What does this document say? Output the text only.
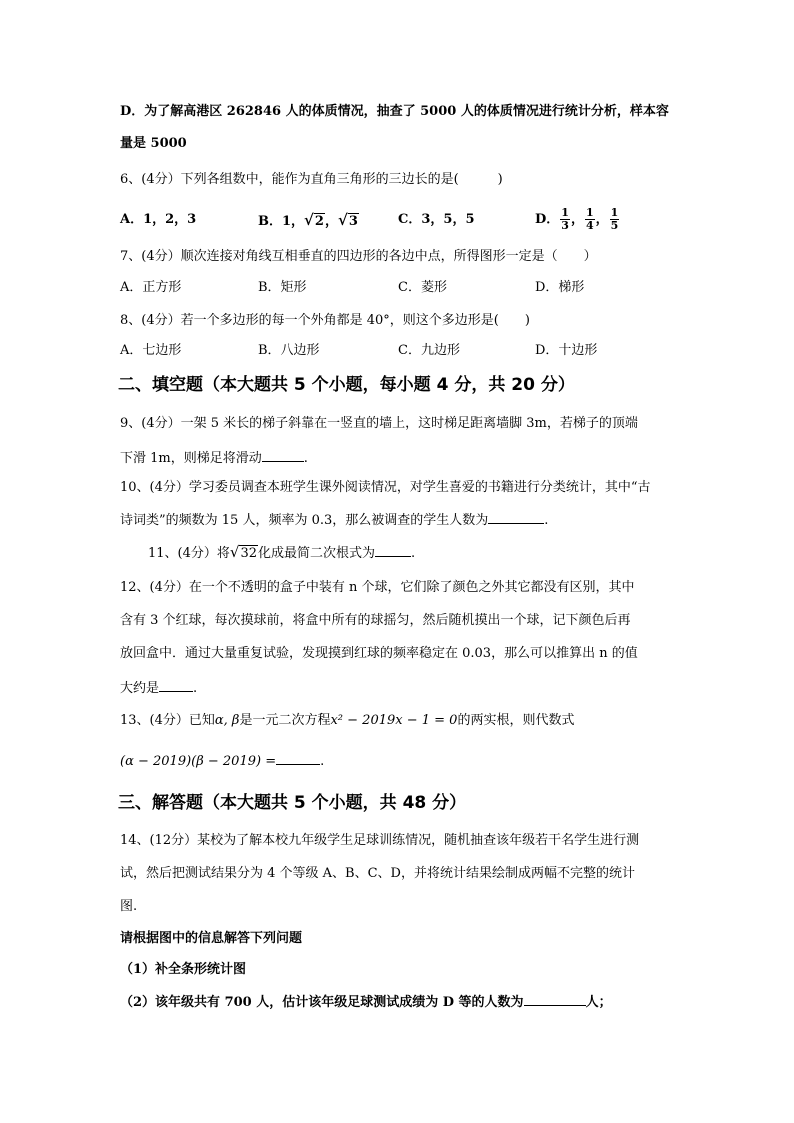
D．为了解高港区 262846 人的体质情况，抽查了 5000 人的体质情况进行统计分析，样本容
量是 5000
6、(4分）下列各组数中，能作为直角三角形的三边长的是(　　　)
A．1，2，3	B．1，√2，√3	C．3，5，5	D． $\frac{1}{3}$ ， $\frac{1}{4}$ ， $\frac{1}{5}$
7、(4分）顺次连接对角线互相垂直的四边形的各边中点，所得图形一定是（　　）
A．正方形	B．矩形	C．菱形	D．梯形
8、(4分）若一个多边形的每一个外角都是 40°，则这个多边形是(　　)
A．七边形	B．八边形	C．九边形	D．十边形
二、填空题（本大题共 5 个小题，每小题 4 分，共 20 分）
9、(4分）一架 5 米长的梯子斜靠在一竖直的墙上，这时梯足距离墙脚 3m，若梯子的顶端
下滑 1m，则梯足将滑动	.
10、(4分）学习委员调查本班学生课外阅读情况，对学生喜爱的书籍进行分类统计，其中“古
诗词类”的频数为 15 人，频率为 0.3，那么被调查的学生人数为	.
11、(4分）将√32化成最简二次根式为	.
12、(4分）在一个不透明的盒子中装有 n 个球，它们除了颜色之外其它都没有区别，其中
含有 3 个红球，每次摸球前，将盒中所有的球摇匀，然后随机摸出一个球，记下颜色后再
放回盒中．通过大量重复试验，发现摸到红球的频率稳定在 0.03，那么可以推算出 n 的值
大约是	.
13、(4分）已知α, β是一元二次方程x² − 2019x − 1 = 0的两实根，则代数式
(α − 2019)(β − 2019) =	.
三、解答题（本大题共 5 个小题，共 48 分）
14、(12分）某校为了解本校九年级学生足球训练情况，随机抽查该年级若干名学生进行测
试，然后把测试结果分为 4 个等级 A、B、C、D，并将统计结果绘制成两幅不完整的统计
图.
请根据图中的信息解答下列问题
（1）补全条形统计图
（2）该年级共有 700 人，估计该年级足球测试成绩为 D 等的人数为	人；
